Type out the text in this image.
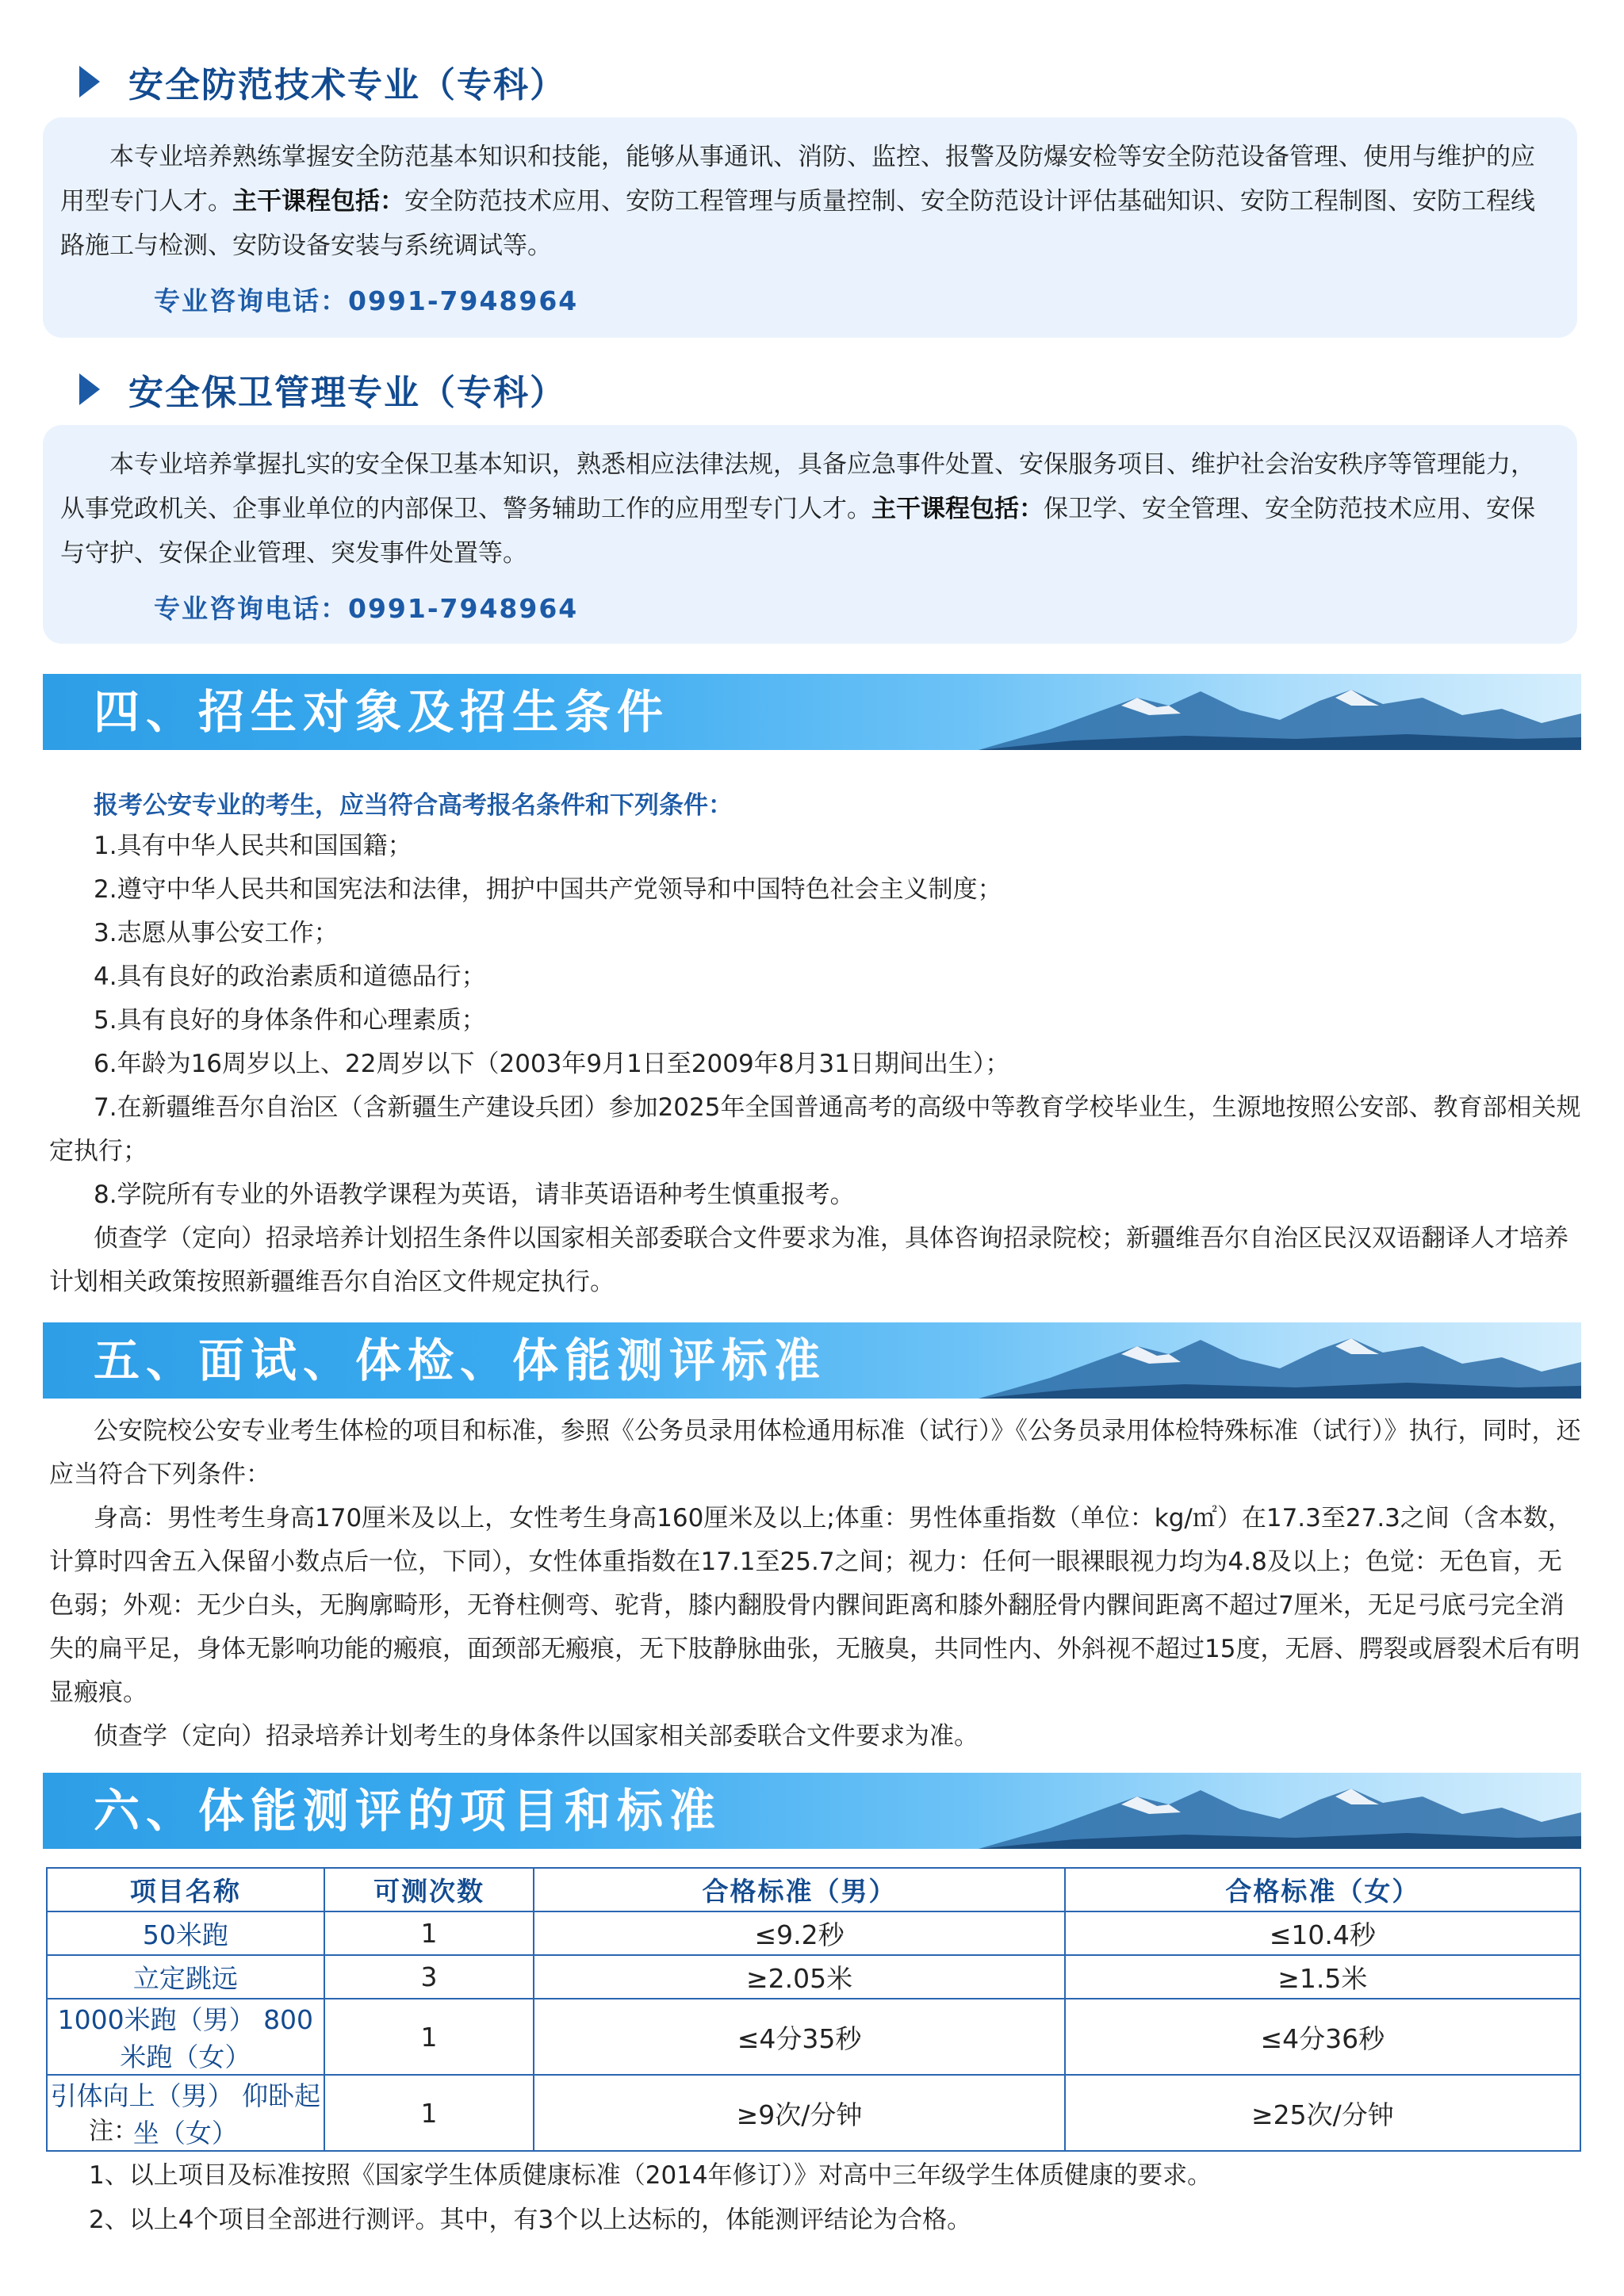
安全防范技术专业（专科）

本专业培养熟练掌握安全防范基本知识和技能，能够从事通讯、消防、监控、报警及防爆安检等安全防范设备管理、使用与维护的应用型专门人才。主干课程包括：安全防范技术应用、安防工程管理与质量控制、安全防范设计评估基础知识、安防工程制图、安防工程线路施工与检测、安防设备安装与系统调试等。

专业咨询电话：0991-7948964
安全保卫管理专业（专科）

本专业培养掌握扎实的安全保卫基本知识，熟悉相应法律法规，具备应急事件处置、安保服务项目、维护社会治安秩序等管理能力，从事党政机关、企事业单位的内部保卫、警务辅助工作的应用型专门人才。主干课程包括：保卫学、安全管理、安全防范技术应用、安保与守护、安保企业管理、突发事件处置等。

专业咨询电话：0991-7948964
四、招生对象及招生条件
报考公安专业的考生，应当符合高考报名条件和下列条件：

1.具有中华人民共和国国籍；

2.遵守中华人民共和国宪法和法律，拥护中国共产党领导和中国特色社会主义制度；

3.志愿从事公安工作；

4.具有良好的政治素质和道德品行；

5.具有良好的身体条件和心理素质；

6.年龄为16周岁以上、22周岁以下（2003年9月1日至2009年8月31日期间出生）；

7.在新疆维吾尔自治区（含新疆生产建设兵团）参加2025年全国普通高考的高级中等教育学校毕业生，生源地按照公安部、教育部相关规定执行；

8.学院所有专业的外语教学课程为英语，请非英语语种考生慎重报考。

侦查学（定向）招录培养计划招生条件以国家相关部委联合文件要求为准，具体咨询招录院校；新疆维吾尔自治区民汉双语翻译人才培养计划相关政策按照新疆维吾尔自治区文件规定执行。

五、面试、体检、体能测评标准

公安院校公安专业考生体检的项目和标准，参照《公务员录用体检通用标准（试行）》《公务员录用体检特殊标准（试行）》执行，同时，还应当符合下列条件：

身高：男性考生身高170厘米及以上，女性考生身高160厘米及以上;体重：男性体重指数（单位：kg/㎡）在17.3至27.3之间（含本数，计算时四舍五入保留小数点后一位，下同），女性体重指数在17.1至25.7之间；视力：任何一眼裸眼视力均为4.8及以上；色觉：无色盲，无色弱；外观：无少白头，无胸廓畸形，无脊柱侧弯、驼背，膝内翻股骨内髁间距离和膝外翻胫骨内髁间距离不超过7厘米，无足弓底弓完全消失的扁平足，身体无影响功能的瘢痕，面颈部无瘢痕，无下肢静脉曲张，无腋臭，共同性内、外斜视不超过15度，无唇、腭裂或唇裂术后有明显瘢痕。

侦查学（定向）招录培养计划考生的身体条件以国家相关部委联合文件要求为准。

六、体能测评的项目和标准
项目名称	可测次数	合格标准（男）	合格标准（女）
50米跑	1	≤9.2秒	≤10.4秒
立定跳远	3	≥2.05米	≥1.5米
1000米跑（男） 800米跑（女）	1	≤4分35秒	≤4分36秒
引体向上（男） 仰卧起坐（女）	1	≥9次/分钟	≥25次/分钟

注：

1、以上项目及标准按照《国家学生体质健康标准（2014年修订）》对高中三年级学生体质健康的要求。

2、以上4个项目全部进行测评。其中，有3个以上达标的，体能测评结论为合格。
